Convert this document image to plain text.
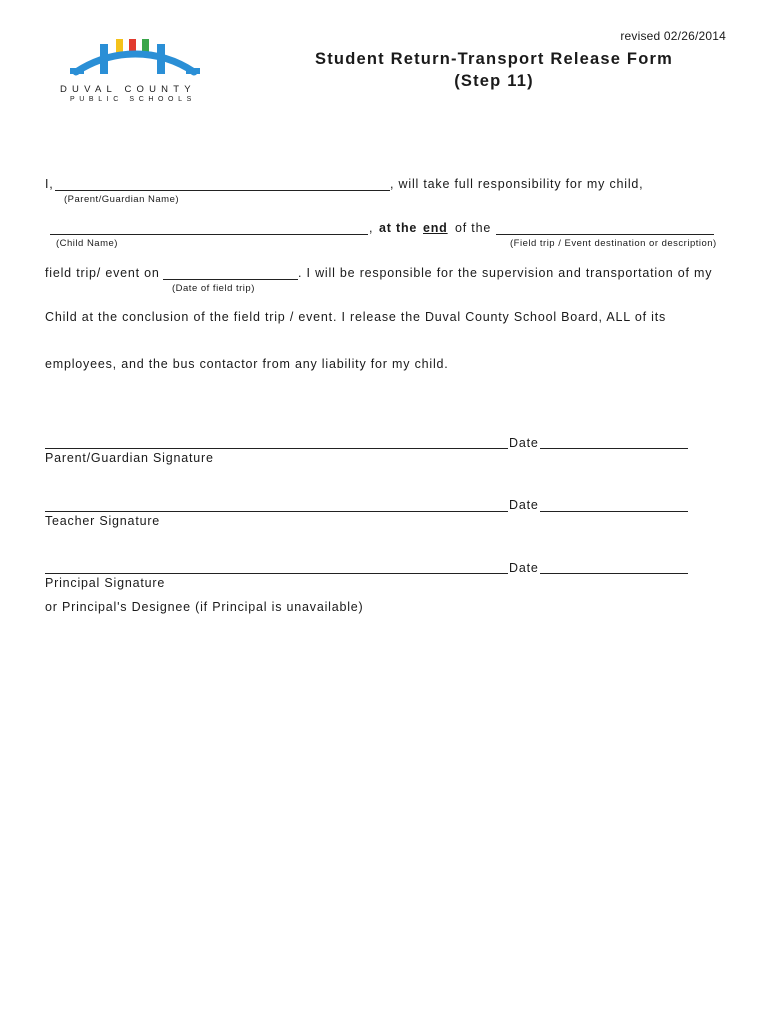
revised 02/26/2014
DUVAL COUNTY
PUBLIC SCHOOLS
Student Return-Transport Release Form
(Step 11)
I,	, will take full responsibility for my child,
(Parent/Guardian Name)
, at the end of the
(Child Name)	(Field trip / Event destination or description)
field trip/ event on	. I will be responsible for the supervision and transportation of my
(Date of field trip)
Child at the conclusion of the field trip / event. I release the Duval County School Board, ALL of its
employees, and the bus contactor from any liability for my child.
Date
Parent/Guardian Signature
Date
Teacher Signature
Date
Principal Signature
or Principal's Designee (if Principal is unavailable)
